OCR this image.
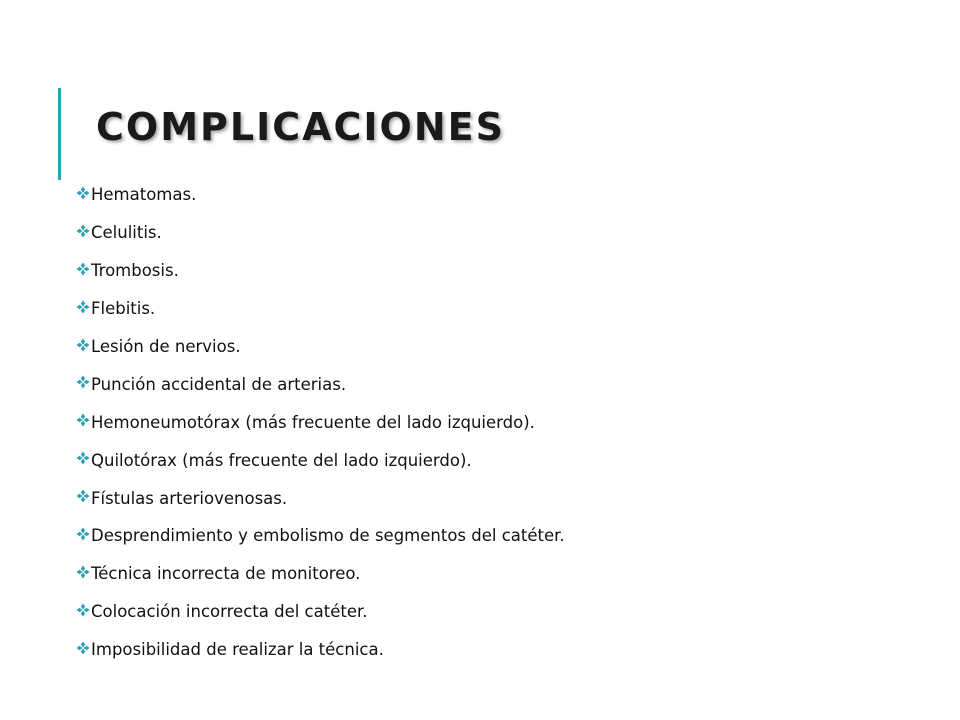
COMPLICACIONES
Hematomas.
Celulitis.
Trombosis.
Flebitis.
Lesión de nervios.
Punción accidental de arterias.
Hemoneumotórax (más frecuente del lado izquierdo).
Quilotórax (más frecuente del lado izquierdo).
Fístulas arteriovenosas.
Desprendimiento y embolismo de segmentos del catéter.
Técnica incorrecta de monitoreo.
Colocación incorrecta del catéter.
Imposibilidad de realizar la técnica.
